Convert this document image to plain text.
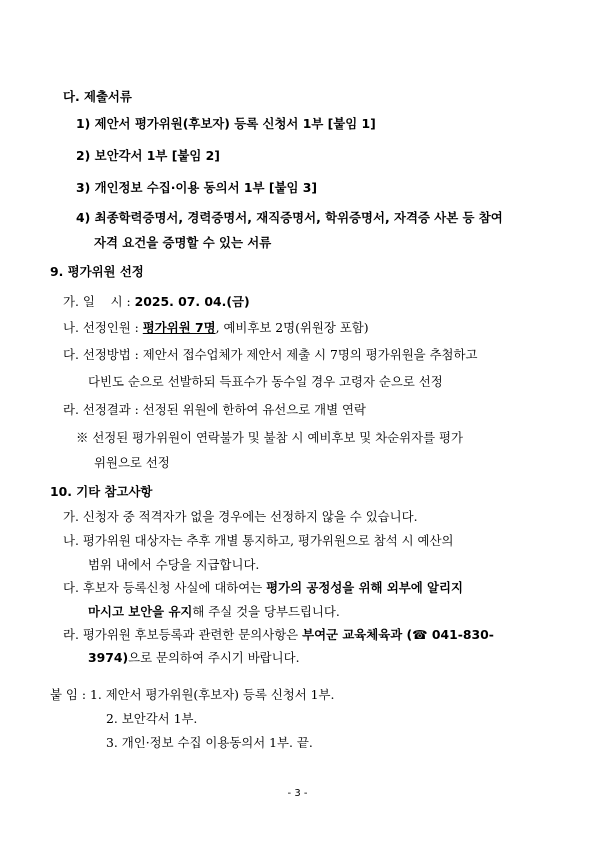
다. 제출서류
1) 제안서 평가위원(후보자) 등록 신청서 1부 [붙임 1]
2) 보안각서 1부 [붙임 2]
3) 개인정보 수집·이용 동의서 1부 [붙임 3]
4) 최종학력증명서, 경력증명서, 재직증명서, 학위증명서, 자격증 사본 등 참여
자격 요건을 증명할 수 있는 서류
9. 평가위원 선정
가. 일    시 : 2025. 07. 04.(금)
나. 선정인원 : 평가위원 7명, 예비후보 2명(위원장 포함)
다. 선정방법 : 제안서 접수업체가 제안서 제출 시 7명의 평가위원을 추첨하고
다빈도 순으로 선발하되 득표수가 동수일 경우 고령자 순으로 선정
라. 선정결과 : 선정된 위원에 한하여 유선으로 개별 연락
※ 선정된 평가위원이 연락불가 및 불참 시 예비후보 및 차순위자를 평가
위원으로 선정
10. 기타 참고사항
가. 신청자 중 적격자가 없을 경우에는 선정하지 않을 수 있습니다.
나. 평가위원 대상자는 추후 개별 통지하고, 평가위원으로 참석 시 예산의
범위 내에서 수당을 지급합니다.
다. 후보자 등록신청 사실에 대하여는 평가의 공정성을 위해 외부에 알리지
마시고 보안을 유지해 주실 것을 당부드립니다.
라. 평가위원 후보등록과 관련한 문의사항은 부여군 교육체육과 (☎ 041-830-
3974)으로 문의하여 주시기 바랍니다.
붙 임 : 1. 제안서 평가위원(후보자) 등록 신청서 1부.
2. 보안각서 1부.
3. 개인·정보 수집 이용동의서 1부. 끝.
- 3 -
